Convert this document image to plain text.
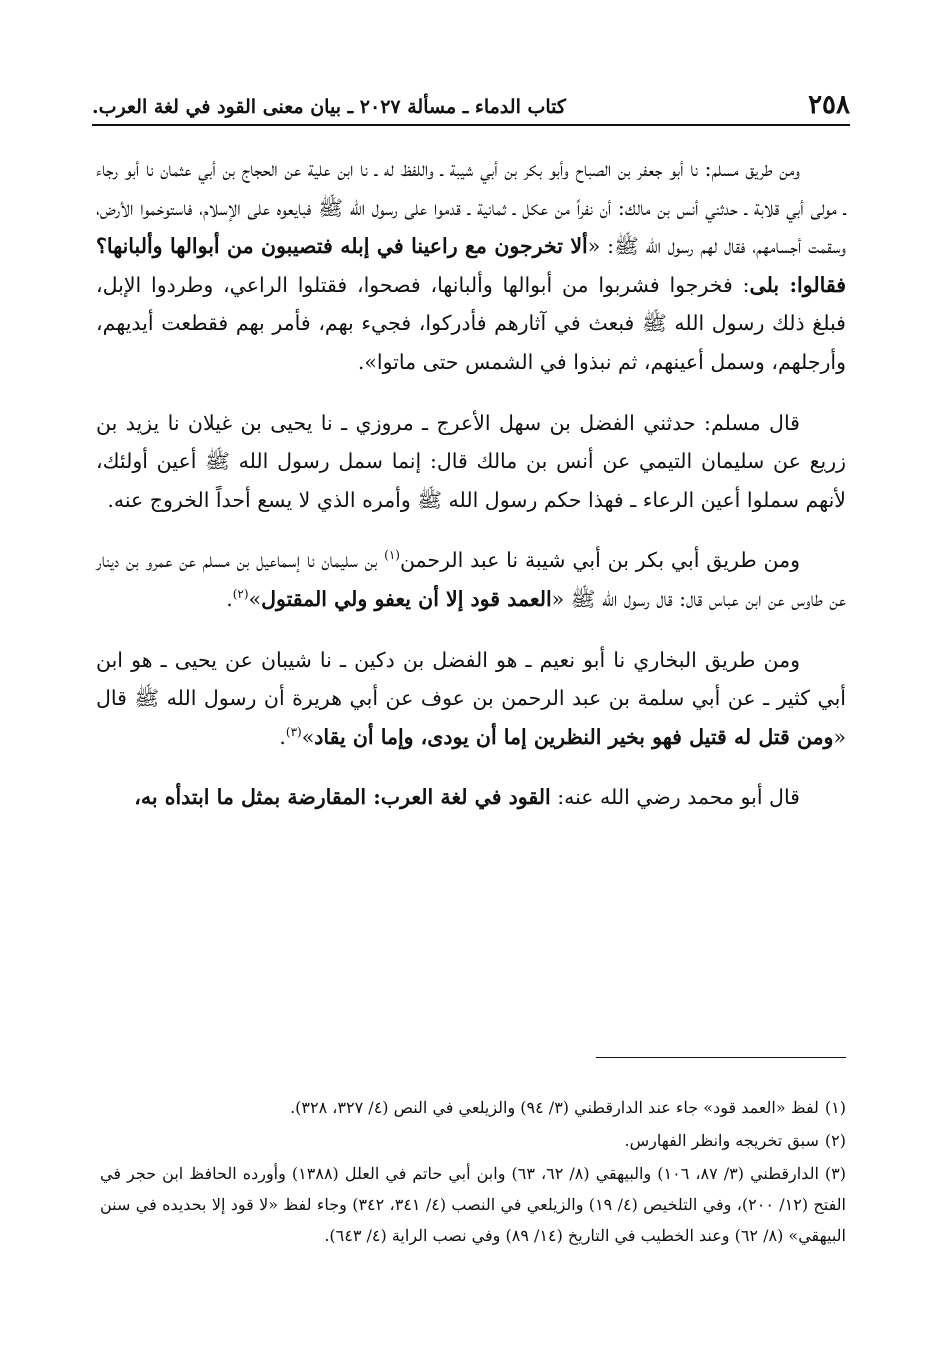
٢٥٨
كتاب الدماء ـ مسألة ٢٠٢٧ ـ بيان معنى القود في لغة العرب.

ومن طريق مسلم: نا أبو جعفر بن الصباح وأبو بكر بن أبي شيبة ـ واللفظ له ـ نا ابن علية عن الحجاج بن أبي عثمان نا أبو رجاء ـ مولى أبي قلابة ـ حدثني أنس بن مالك: أن نفراً من عكل ـ ثمانية ـ قدموا على رسول الله ﷺ فبايعوه على الإسلام، فاستوخموا الأرض، وسقمت أجسامهم، فقال لهم رسول الله ﷺ: «ألا تخرجون مع راعينا في إبله فتصيبون من أبوالها وألبانها؟ فقالوا: بلى: فخرجوا فشربوا من أبوالها وألبانها، فصحوا، فقتلوا الراعي، وطردوا الإبل، فبلغ ذلك رسول الله ﷺ فبعث في آثارهم فأدركوا، فجيء بهم، فأمر بهم فقطعت أيديهم، وأرجلهم، وسمل أعينهم، ثم نبذوا في الشمس حتى ماتوا».

قال مسلم: حدثني الفضل بن سهل الأعرج ـ مروزي ـ نا يحيى بن غيلان نا يزيد بن زريع عن سليمان التيمي عن أنس بن مالك قال: إنما سمل رسول الله ﷺ أعين أولئك، لأنهم سملوا أعين الرعاء ـ فهذا حكم رسول الله ﷺ وأمره الذي لا يسع أحداً الخروج عنه.

ومن طريق أبي بكر بن أبي شيبة نا عبد الرحمن$^{(١)}$ بن سليمان نا إسماعيل بن مسلم عن عمرو بن دينار عن طاوس عن ابن عباس قال: قال رسول الله ﷺ «العمد قود إلا أن يعفو ولي المقتول»$^{(٢)}$.

ومن طريق البخاري نا أبو نعيم ـ هو الفضل بن دكين ـ نا شيبان عن يحيى ـ هو ابن أبي كثير ـ عن أبي سلمة بن عبد الرحمن بن عوف عن أبي هريرة أن رسول الله ﷺ قال «ومن قتل له قتيل فهو بخير النظرين إما أن يودى، وإما أن يقاد»$^{(٣)}$.

قال أبو محمد رضي الله عنه: القود في لغة العرب: المقارضة بمثل ما ابتدأه به،

(١)لفظ «العمد قود» جاء عند الدارقطني (٣/ ٩٤) والزيلعي في النص (٤/ ٣٢٧، ٣٢٨).

(٢)سبق تخريجه وانظر الفهارس.

(٣)الدارقطني (٣/ ٨٧، ١٠٦) والبيهقي (٨/ ٦٢، ٦٣) وابن أبي حاتم في العلل (١٣٨٨) وأورده الحافظ ابن حجر في الفتح (١٢/ ٢٠٠)، وفي التلخيص (٤/ ١٩) والزيلعي في النصب (٤/ ٣٤١، ٣٤٢) وجاء لفظ «لا قود إلا بحديده في سنن البيهقي» (٨/ ٦٢) وعند الخطيب في التاريخ (١٤/ ٨٩) وفي نصب الراية (٤/ ٦٤٣).
